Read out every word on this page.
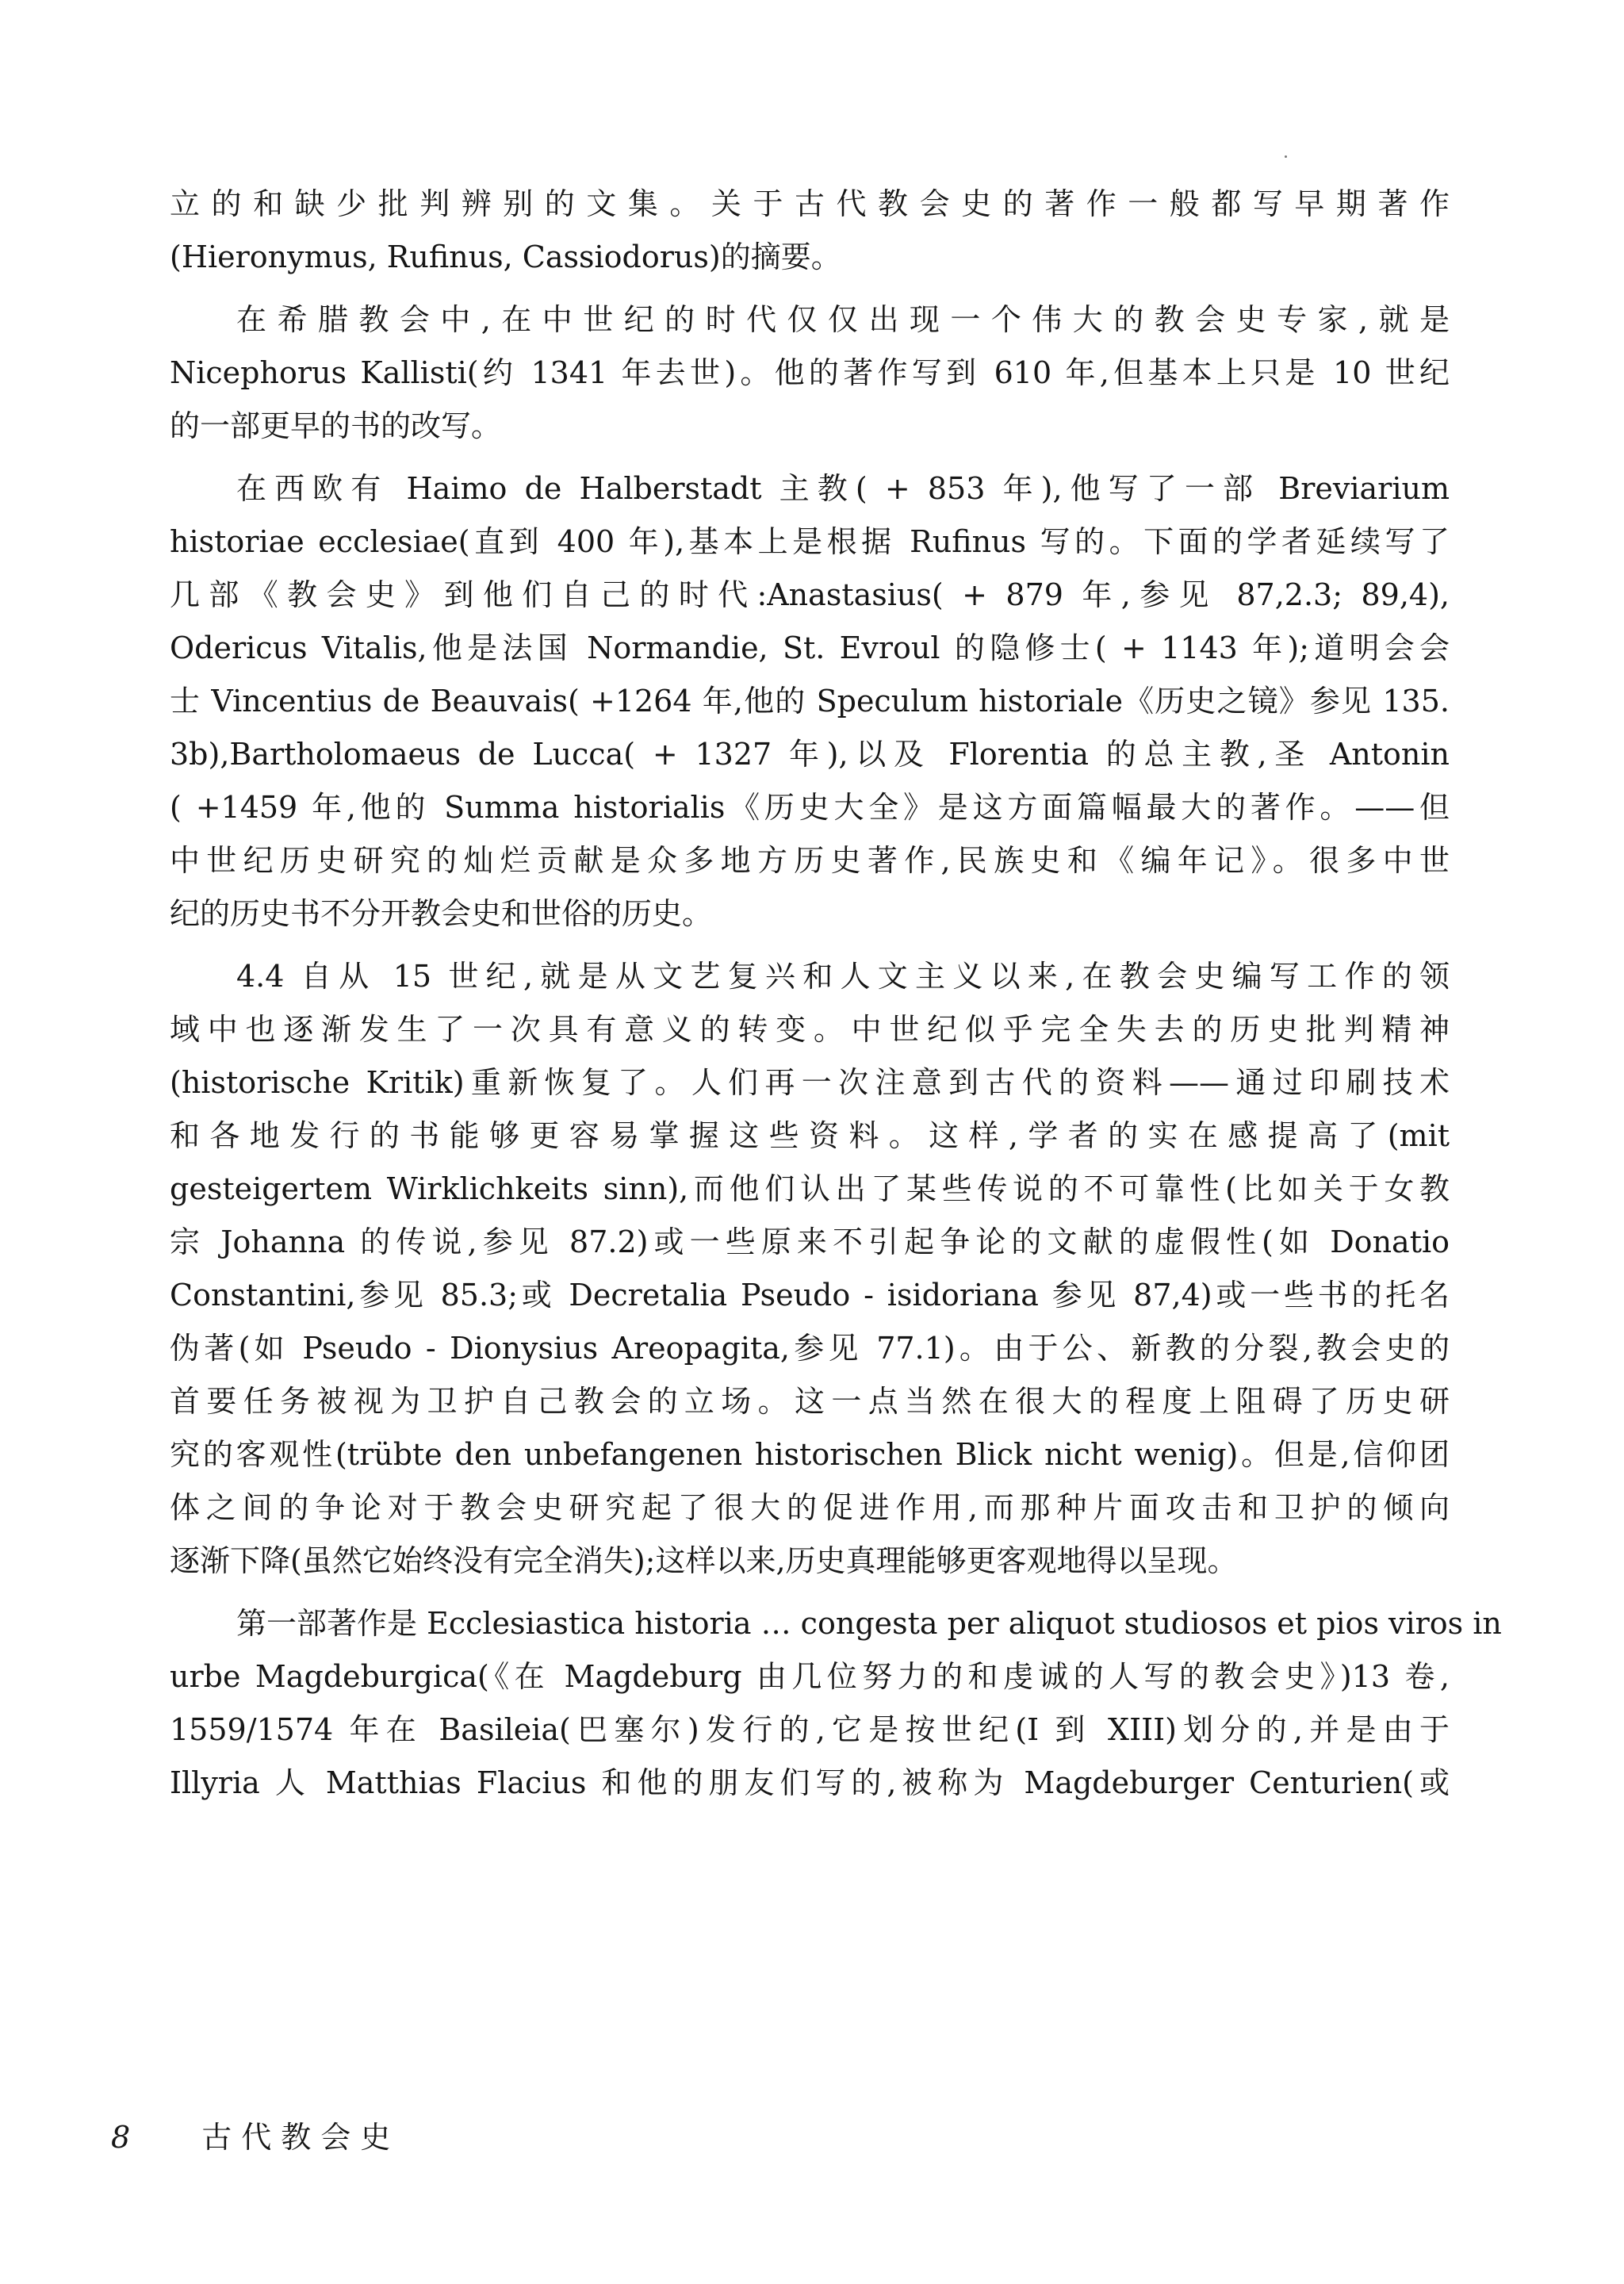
立的和缺少批判辨别的文集。关于古代教会史的著作一般都写早期著作
(Hieronymus, Rufinus, Cassiodorus)的摘要。
在希腊教会中,在中世纪的时代仅仅出现一个伟大的教会史专家,就是
Nicephorus Kallisti(约 1341 年去世)。他的著作写到 610 年,但基本上只是 10 世纪
的一部更早的书的改写。
在西欧有 Haimo de Halberstadt 主教( + 853 年),他写了一部 Breviarium
historiae ecclesiae(直到 400 年),基本上是根据 Rufinus 写的。下面的学者延续写了
几部《教会史》到他们自己的时代:Anastasius( + 879 年,参见 87,2.3; 89,4),
Odericus Vitalis,他是法国 Normandie, St. Evroul 的隐修士( + 1143 年);道明会会
士 Vincentius de Beauvais( +1264 年,他的 Speculum historiale《历史之镜》参见 135.
3b),Bartholomaeus de Lucca( + 1327 年),以及 Florentia 的总主教,圣 Antonin
( +1459 年,他的 Summa historialis《历史大全》是这方面篇幅最大的著作。——但
中世纪历史研究的灿烂贡献是众多地方历史著作,民族史和《编年记》。很多中世
纪的历史书不分开教会史和世俗的历史。
4.4 自从 15 世纪,就是从文艺复兴和人文主义以来,在教会史编写工作的领
域中也逐渐发生了一次具有意义的转变。中世纪似乎完全失去的历史批判精神
(historische Kritik)重新恢复了。人们再一次注意到古代的资料——通过印刷技术
和各地发行的书能够更容易掌握这些资料。这样,学者的实在感提高了(mit
gesteigertem Wirklichkeits sinn),而他们认出了某些传说的不可靠性(比如关于女教
宗 Johanna 的传说,参见 87.2)或一些原来不引起争论的文献的虚假性(如 Donatio
Constantini,参见 85.3;或 Decretalia Pseudo - isidoriana 参见 87,4)或一些书的托名
伪著(如 Pseudo - Dionysius Areopagita,参见 77.1)。由于公、新教的分裂,教会史的
首要任务被视为卫护自己教会的立场。这一点当然在很大的程度上阻碍了历史研
究的客观性(trübte den unbefangenen historischen Blick nicht wenig)。但是,信仰团
体之间的争论对于教会史研究起了很大的促进作用,而那种片面攻击和卫护的倾向
逐渐下降(虽然它始终没有完全消失);这样以来,历史真理能够更客观地得以呈现。
第一部著作是 Ecclesiastica historia … congesta per aliquot studiosos et pios viros in
urbe Magdeburgica(《在 Magdeburg 由几位努力的和虔诚的人写的教会史》)13 卷,
1559/1574 年在 Basileia(巴塞尔)发行的,它是按世纪(I 到 XIII)划分的,并是由于
Illyria 人 Matthias Flacius 和他的朋友们写的,被称为 Magdeburger Centurien(或
8 古代教会史
